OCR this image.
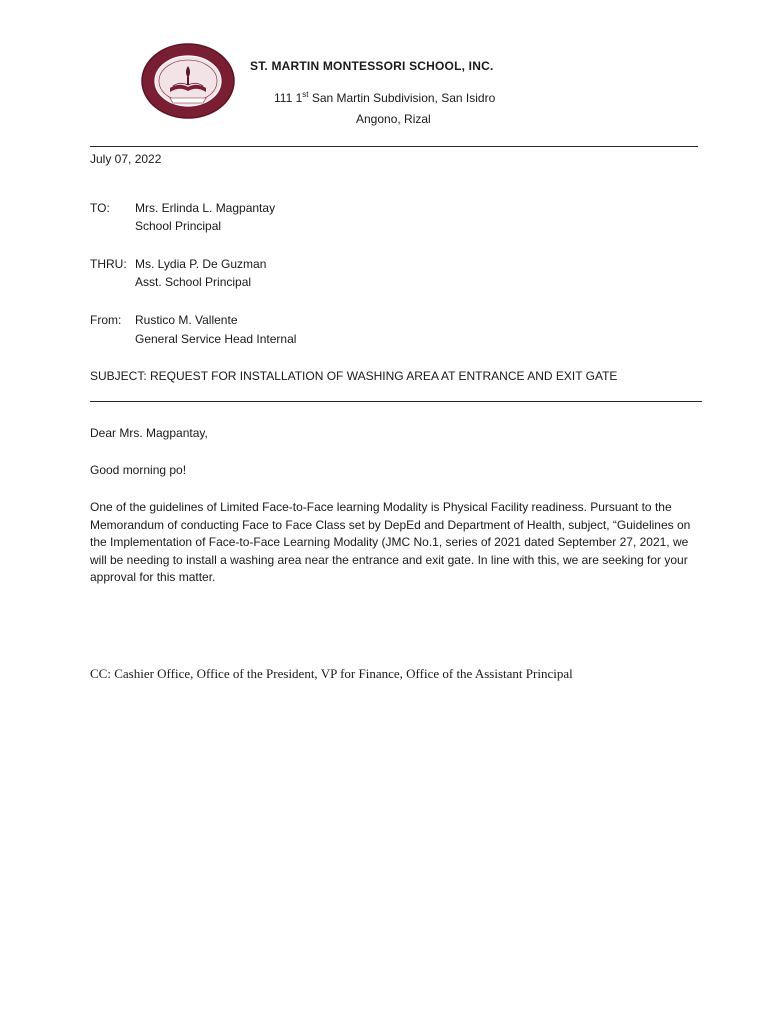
ST. MARTIN MONTESSORI SCHOOL, INC.
111 1st San Martin Subdivision, San Isidro
Angono, Rizal
July 07, 2022
TO: Mrs. Erlinda L. Magpantay
School Principal
THRU: Ms. Lydia P. De Guzman
Asst. School Principal
From: Rustico M. Vallente
General Service Head Internal
SUBJECT: REQUEST FOR INSTALLATION OF WASHING AREA AT ENTRANCE AND EXIT GATE
Dear Mrs. Magpantay,
Good morning po!
One of the guidelines of Limited Face-to-Face learning Modality is Physical Facility readiness. Pursuant to the Memorandum of conducting Face to Face Class set by DepEd and Department of Health, subject, “Guidelines on the Implementation of Face-to-Face Learning Modality (JMC No.1, series of 2021 dated September 27, 2021, we will be needing to install a washing area near the entrance and exit gate. In line with this, we are seeking for your approval for this matter.
CC: Cashier Office, Office of the President, VP for Finance, Office of the Assistant Principal
